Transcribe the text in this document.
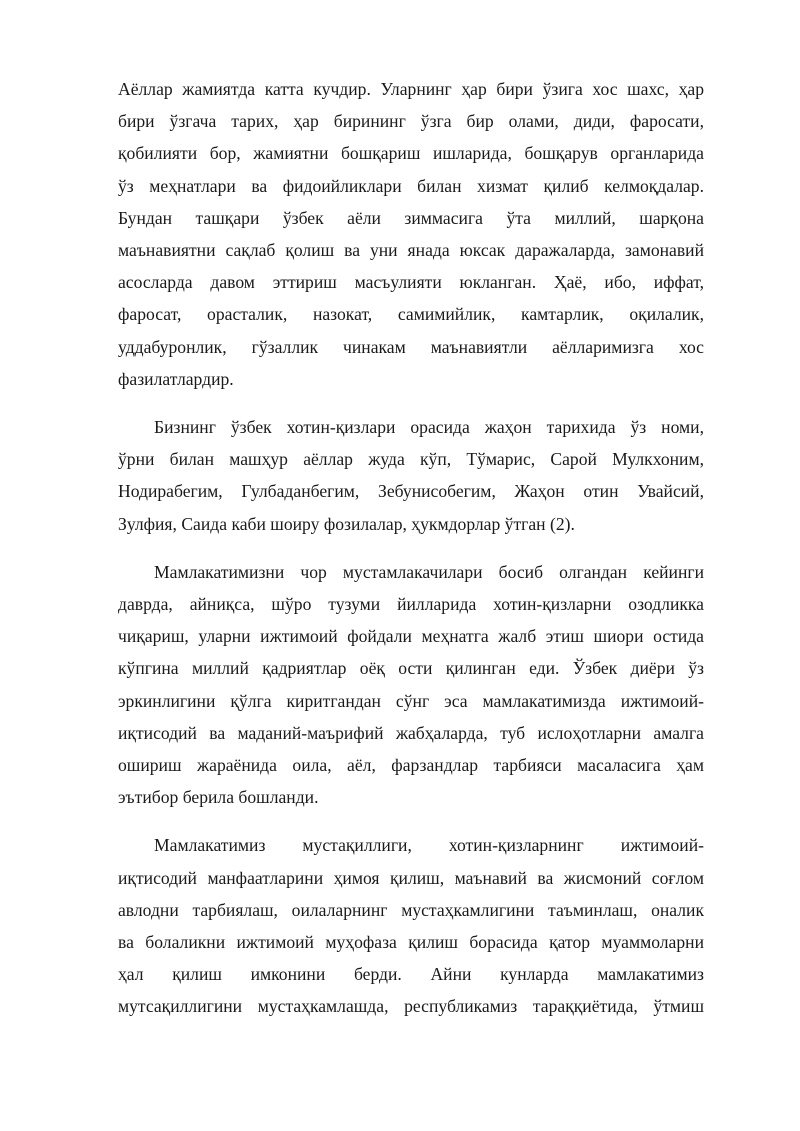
Аёллар жамиятда катта кучдир. Уларнинг ҳар бири ўзига хос шахс, ҳар
бири ўзгача тарих, ҳар бирининг ўзга бир олами, диди, фаросати,
қобилияти бор, жамиятни бошқариш ишларида, бошқарув органларида
ўз меҳнатлари ва фидоийликлари билан хизмат қилиб келмоқдалар.
Бундан ташқари ўзбек аёли зиммасига ўта миллий, шарқона
маънавиятни сақлаб қолиш ва уни янада юксак даражаларда, замонавий
асосларда давом эттириш масъулияти юкланган. Ҳаё, ибо, иффат,
фаросат, орасталик, назокат, самимийлик, камтарлик, оқилалик,
уддабуронлик, гўзаллик чинакам маънавиятли аёлларимизга хос
фазилатлардир.

Бизнинг ўзбек хотин-қизлари орасида жаҳон тарихида ўз номи,
ўрни билан машҳур аёллар жуда кўп, Тўмарис, Сарой Мулкхоним,
Нодирабегим, Гулбаданбегим, Зебунисобегим, Жаҳон отин Увайсий,
Зулфия, Саида каби шоиру фозилалар, ҳукмдорлар ўтган (2).

Мамлакатимизни чор мустамлакачилари босиб олгандан кейинги
даврда, айниқса, шўро тузуми йилларида хотин-қизларни озодликка
чиқариш, уларни ижтимоий фойдали меҳнатга жалб этиш шиори остида
кўпгина миллий қадриятлар оёқ ости қилинган еди. Ўзбек диёри ўз
эркинлигини қўлга киритгандан сўнг эса мамлакатимизда ижтимоий-
иқтисодий ва маданий-маърифий жабҳаларда, туб ислоҳотларни амалга
ошириш жараёнида оила, аёл, фарзандлар тарбияси масаласига ҳам
эътибор берила бошланди.

Мамлакатимиз мустақиллиги, хотин-қизларнинг ижтимоий-
иқтисодий манфаатларини ҳимоя қилиш, маънавий ва жисмоний соғлом
авлодни тарбиялаш, оилаларнинг мустаҳкамлигини таъминлаш, оналик
ва болаликни ижтимоий муҳофаза қилиш борасида қатор муаммоларни
ҳал қилиш имконини берди. Айни кунларда мамлакатимиз
мутсақиллигини мустаҳкамлашда, республикамиз тараққиётида, ўтмиш
